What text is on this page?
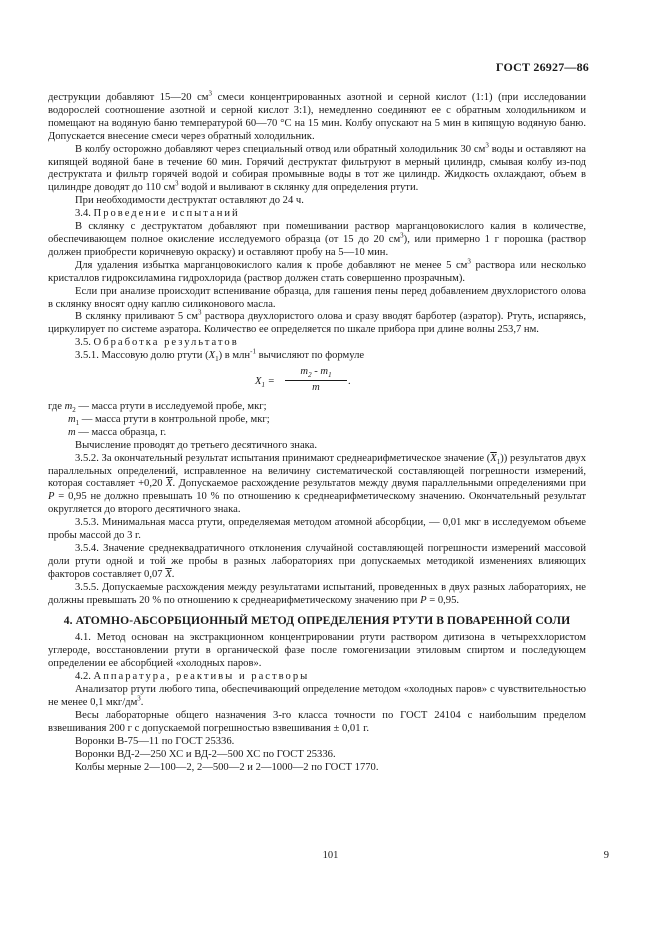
ГОСТ 26927—86

деструкции добавляют 15—20 $см^3$ смеси концентрированных азотной и серной кислот (1:1) (при исследовании водорослей соотношение азотной и серной кислот 3:1), немедленно соединяют ее с обратным холодильником и помещают на водяную баню температурой 60—70 °С на 15 мин. Колбу опускают на 5 мин в кипящую водяную баню. Допускается внесение смеси через обратный холодильник.

В колбу осторожно добавляют через специальный отвод или обратный холодильник 30 $см^3$ воды и оставляют на кипящей водяной бане в течение 60 мин. Горячий деструктат фильтруют в мерный цилиндр, смывая колбу из-под деструктата и фильтр горячей водой и собирая промывные воды в тот же цилиндр. Жидкость охлаждают, объем в цилиндре доводят до 110 $см^3$ водой и выливают в склянку для определения ртути.

При необходимости деструктат оставляют до 24 ч.

3.4. Проведение испытаний

В склянку с деструктатом добавляют при помешивании раствор марганцовокислого калия в количестве, обеспечивающем полное окисление исследуемого образца (от 15 до 20 $см^3$), или примерно 1 г порошка (раствор должен приобрести коричневую окраску) и оставляют пробу на 5—10 мин.

Для удаления избытка марганцовокислого калия к пробе добавляют не менее 5 $см^3$ раствора или несколько кристаллов гидроксиламина гидрохлорида (раствор должен стать совершенно прозрачным).

Если при анализе происходит вспенивание образца, для гашения пены перед добавлением двухлористого олова в склянку вносят одну каплю силиконового масла.

В склянку приливают 5 $см^3$ раствора двухлористого олова и сразу вводят барботер (аэратор). Ртуть, испаряясь, циркулирует по системе аэратора. Количество ее определяется по шкале прибора при длине волны 253,7 нм.

3.5. Обработка результатов

3.5.1. Массовую долю ртути $(X_1)$ в млн$^{-1}$ вычисляют по формуле

$X_1 = \frac{m_2 - m_1}{m}$ .

где $m_2$ — масса ртути в исследуемой пробе, мкг;

$m_1$ — масса ртути в контрольной пробе, мкг;

m — масса образца, г.

Вычисление проводят до третьего десятичного знака.

3.5.2. За окончательный результат испытания принимают среднеарифметическое значение $(\overline{X}_1)$) результатов двух параллельных определений, исправленное на величину систематической составляющей погрешности измерений, которая составляет +0,20 $\overline{X}$. Допускаемое расхождение результатов между двумя параллельными определениями при P = 0,95 не должно превышать 10 % по отношению к среднеарифметическому значению. Окончательный результат округляется до второго десятичного знака.

3.5.3. Минимальная масса ртути, определяемая методом атомной абсорбции, — 0,01 мкг в исследуемом объеме пробы массой до 3 г.

3.5.4. Значение среднеквадратичного отклонения случайной составляющей погрешности измерений массовой доли ртути одной и той же пробы в разных лабораториях при допускаемых методикой изменениях влияющих факторов составляет 0,07 $\overline{X}$.

3.5.5. Допускаемые расхождения между результатами испытаний, проведенных в двух разных лабораториях, не должны превышать 20 % по отношению к среднеарифметическому значению при P = 0,95.

4. АТОМНО-АБСОРБЦИОННЫЙ МЕТОД ОПРЕДЕЛЕНИЯ РТУТИ В ПОВАРЕННОЙ СОЛИ

4.1. Метод основан на экстракционном концентрировании ртути раствором дитизона в четыреххлористом углероде, восстановлении ртути в органической фазе после гомогенизации этиловым спиртом и последующем определении ее абсорбцией «холодных паров».

4.2. Аппаратура, реактивы и растворы

Анализатор ртути любого типа, обеспечивающий определение методом «холодных паров» с чувствительностью не менее 0,1 мкг/$дм^3$.

Весы лабораторные общего назначения 3-го класса точности по ГОСТ 24104 с наибольшим пределом взвешивания 200 г с допускаемой погрешностью взвешивания ± 0,01 г.

Воронки В-75—11 по ГОСТ 25336.

Воронки ВД-2—250 ХС и ВД-2—500 ХС по ГОСТ 25336.

Колбы мерные 2—100—2, 2—500—2 и 2—1000—2 по ГОСТ 1770.

101	9
